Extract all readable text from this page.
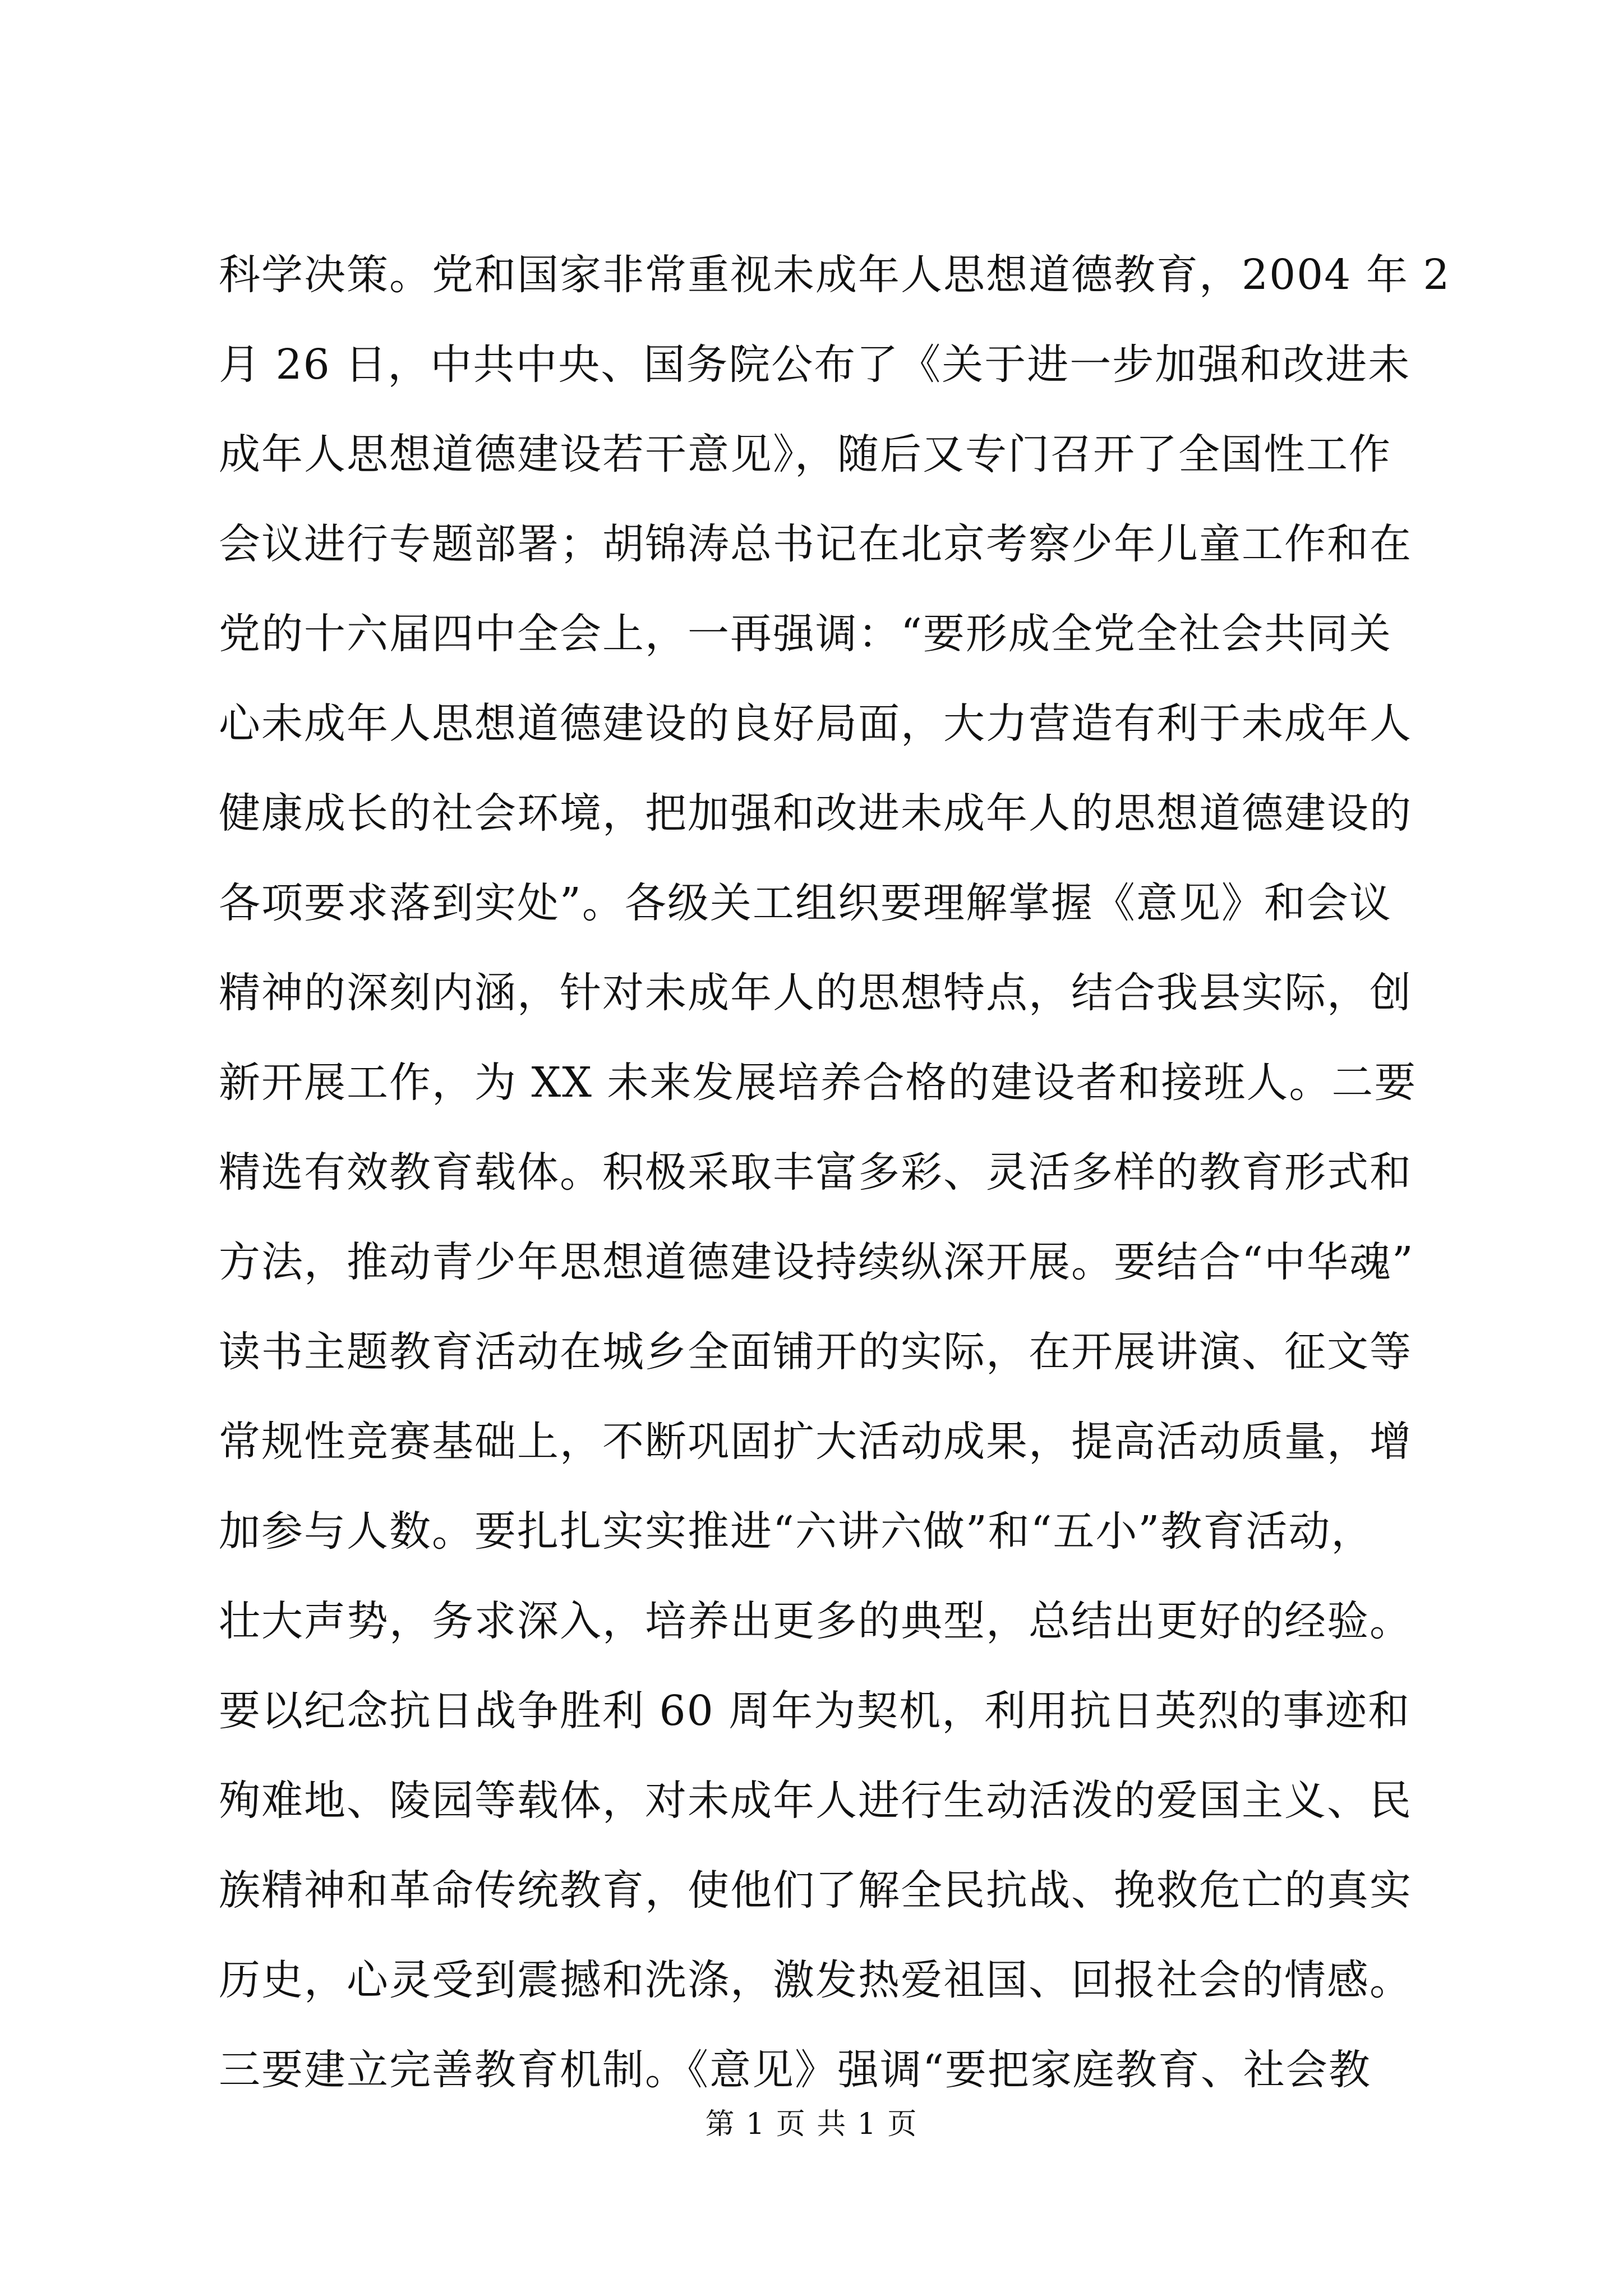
科学决策。党和国家非常重视未成年人思想道德教育，2004 年 2
月 26 日，中共中央、国务院公布了《关于进一步加强和改进未
成年人思想道德建设若干意见》，随后又专门召开了全国性工作
会议进行专题部署；胡锦涛总书记在北京考察少年儿童工作和在
党的十六届四中全会上，一再强调：“要形成全党全社会共同关
心未成年人思想道德建设的良好局面，大力营造有利于未成年人
健康成长的社会环境，把加强和改进未成年人的思想道德建设的
各项要求落到实处”。各级关工组织要理解掌握《意见》和会议
精神的深刻内涵，针对未成年人的思想特点，结合我县实际，创
新开展工作，为 XX 未来发展培养合格的建设者和接班人。二要
精选有效教育载体。积极采取丰富多彩、灵活多样的教育形式和
方法，推动青少年思想道德建设持续纵深开展。要结合“中华魂”
读书主题教育活动在城乡全面铺开的实际，在开展讲演、征文等
常规性竞赛基础上，不断巩固扩大活动成果，提高活动质量，增
加参与人数。要扎扎实实推进“六讲六做”和“五小”教育活动，
壮大声势，务求深入，培养出更多的典型，总结出更好的经验。
要以纪念抗日战争胜利 60 周年为契机，利用抗日英烈的事迹和
殉难地、陵园等载体，对未成年人进行生动活泼的爱国主义、民
族精神和革命传统教育，使他们了解全民抗战、挽救危亡的真实
历史，心灵受到震撼和洗涤，激发热爱祖国、回报社会的情感。
三要建立完善教育机制。《意见》强调“要把家庭教育、社会教
第 1 页 共 1 页
